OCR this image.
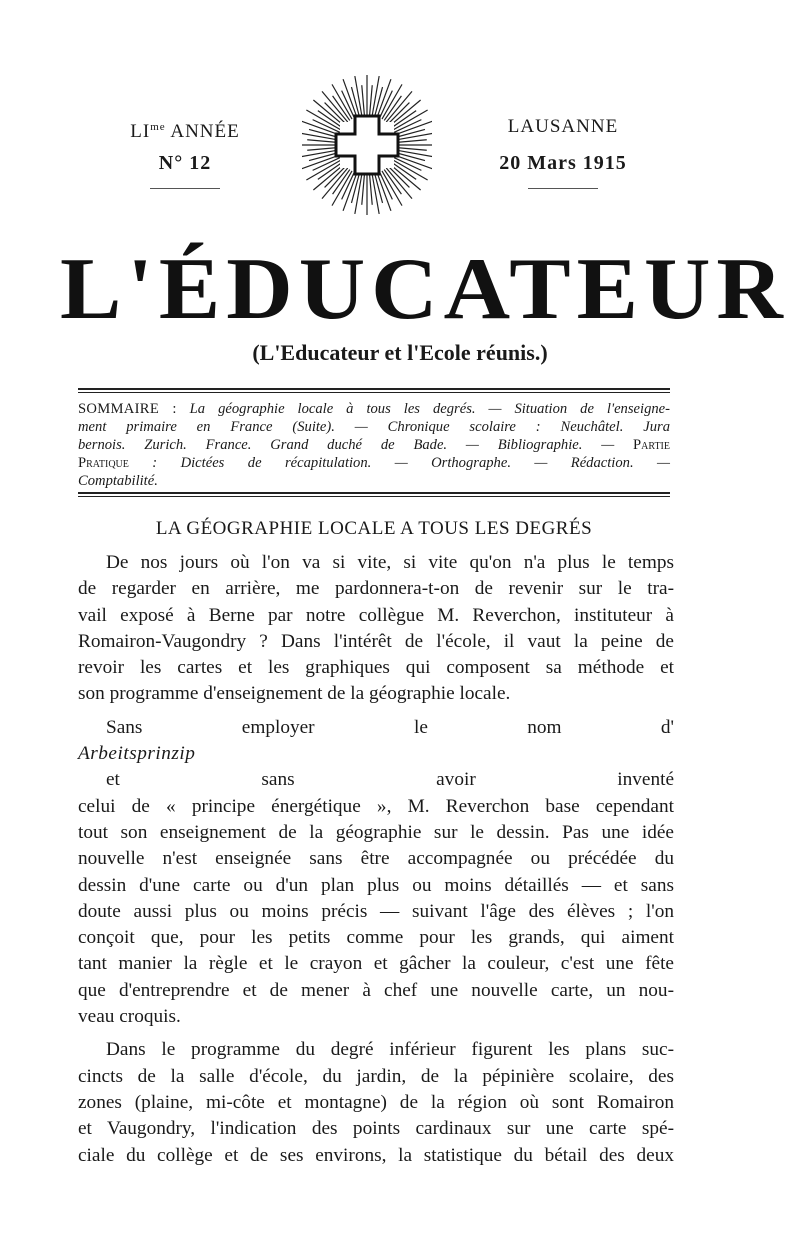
$LI^{me}$ ANNÉE
N° 12
LAUSANNE
20 Mars 1915
L'ÉDUCATEUR
(L'Educateur et l'Ecole réunis.)
SOMMAIRE : La géographie locale à tous les degrés. — Situation de l'enseigne-
ment primaire en France (Suite). — Chronique scolaire : Neuchâtel. Jura
bernois. Zurich. France. Grand duché de Bade. — Bibliographie. — Partie
Pratique : Dictées de récapitulation. — Orthographe. — Rédaction. —
Comptabilité.
LA GÉOGRAPHIE LOCALE A TOUS LES DEGRÉS
De nos jours où l'on va si vite, si vite qu'on n'a plus le temps
de regarder en arrière, me pardonnera-t-on de revenir sur le tra-
vail exposé à Berne par notre collègue M. Reverchon, instituteur à
Romairon-Vaugondry ? Dans l'intérêt de l'école, il vaut la peine de
revoir les cartes et les graphiques qui composent sa méthode et
son programme d'enseignement de la géographie locale.
Sans employer le nom d'
Arbeitsprinzip
et sans avoir inventé
celui de « principe énergétique », M. Reverchon base cependant
tout son enseignement de la géographie sur le dessin. Pas une idée
nouvelle n'est enseignée sans être accompagnée ou précédée du
dessin d'une carte ou d'un plan plus ou moins détaillés — et sans
doute aussi plus ou moins précis — suivant l'âge des élèves ; l'on
conçoit que, pour les petits comme pour les grands, qui aiment
tant manier la règle et le crayon et gâcher la couleur, c'est une fête
que d'entreprendre et de mener à chef une nouvelle carte, un nou-
veau croquis.
Dans le programme du degré inférieur figurent les plans suc-
cincts de la salle d'école, du jardin, de la pépinière scolaire, des
zones (plaine, mi-côte et montagne) de la région où sont Romairon
et Vaugondry, l'indication des points cardinaux sur une carte spé-
ciale du collège et de ses environs, la statistique du bétail des deux
